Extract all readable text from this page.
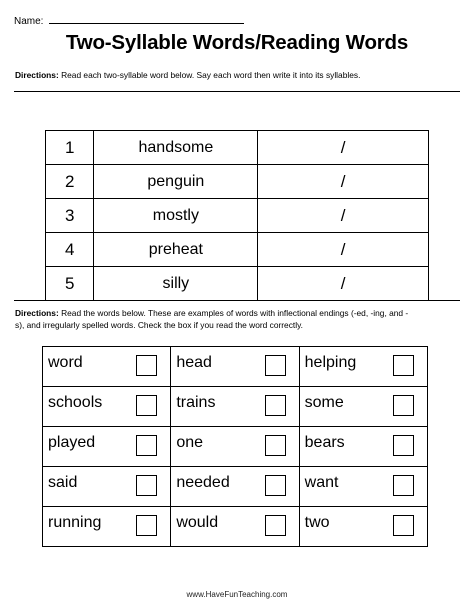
Name:
Two-Syllable Words/Reading Words
Directions: Read each two-syllable word below. Say each word then write it into its syllables.
1	handsome	/
2	penguin	/
3	mostly	/
4	preheat	/
5	silly	/
Directions: Read the words below. These are examples of words with inflectional endings (-ed, -ing, and -s), and irregularly spelled words. Check the box if you read the word correctly.
word	head	helping

schools	trains	some

played	one	bears

said	needed	want

running	would	two
www.HaveFunTeaching.com
